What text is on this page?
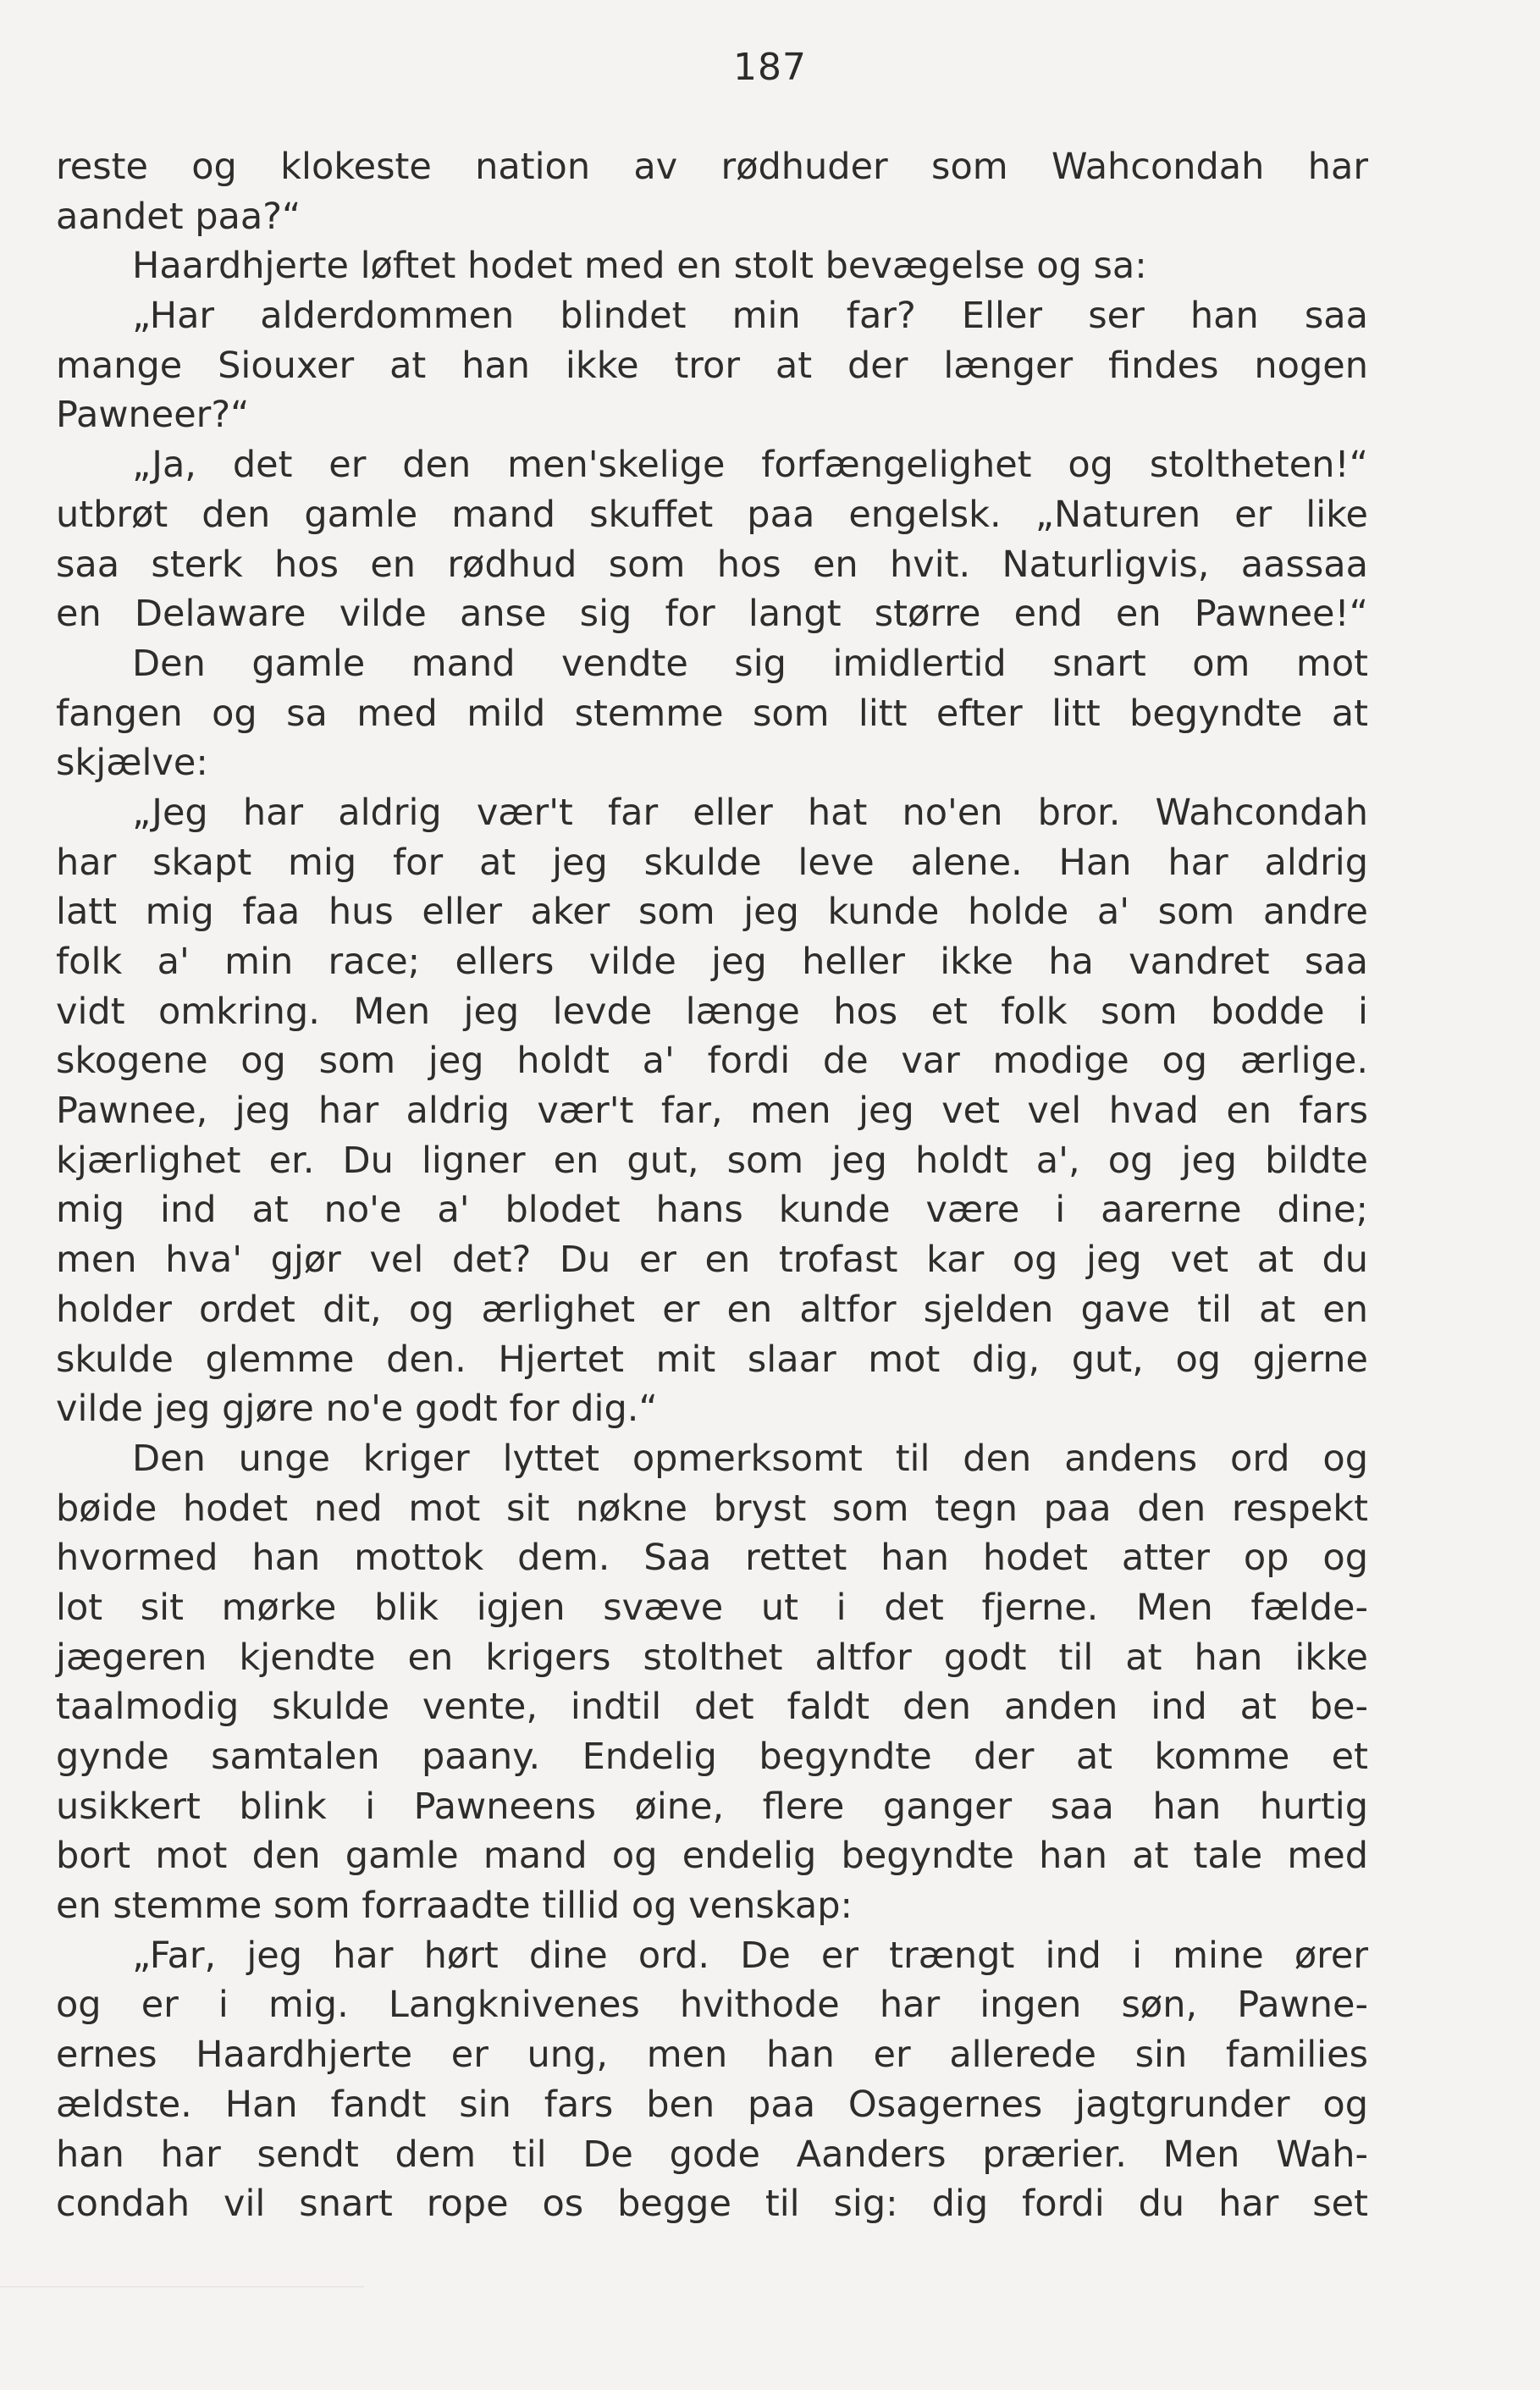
187
reste og klokeste nation av rødhuder som Wahcondah har
aandet paa?“
Haardhjerte løftet hodet med en stolt bevægelse og sa:
„Har alderdommen blindet min far? Eller ser han saa
mange Siouxer at han ikke tror at der længer findes nogen
Pawneer?“
„Ja, det er den men'skelige forfængelighet og stoltheten!“
utbrøt den gamle mand skuffet paa engelsk. „Naturen er like
saa sterk hos en rødhud som hos en hvit. Naturligvis, aassaa
en Delaware vilde anse sig for langt større end en Pawnee!“
Den gamle mand vendte sig imidlertid snart om mot
fangen og sa med mild stemme som litt efter litt begyndte at
skjælve:
„Jeg har aldrig vær't far eller hat no'en bror. Wahcondah
har skapt mig for at jeg skulde leve alene. Han har aldrig
latt mig faa hus eller aker som jeg kunde holde a' som andre
folk a' min race; ellers vilde jeg heller ikke ha vandret saa
vidt omkring. Men jeg levde længe hos et folk som bodde i
skogene og som jeg holdt a' fordi de var modige og ærlige.
Pawnee, jeg har aldrig vær't far, men jeg vet vel hvad en fars
kjærlighet er. Du ligner en gut, som jeg holdt a', og jeg bildte
mig ind at no'e a' blodet hans kunde være i aarerne dine;
men hva' gjør vel det? Du er en trofast kar og jeg vet at du
holder ordet dit, og ærlighet er en altfor sjelden gave til at en
skulde glemme den. Hjertet mit slaar mot dig, gut, og gjerne
vilde jeg gjøre no'e godt for dig.“
Den unge kriger lyttet opmerksomt til den andens ord og
bøide hodet ned mot sit nøkne bryst som tegn paa den respekt
hvormed han mottok dem. Saa rettet han hodet atter op og
lot sit mørke blik igjen svæve ut i det fjerne. Men fælde-
jægeren kjendte en krigers stolthet altfor godt til at han ikke
taalmodig skulde vente, indtil det faldt den anden ind at be-
gynde samtalen paany. Endelig begyndte der at komme et
usikkert blink i Pawneens øine, flere ganger saa han hurtig
bort mot den gamle mand og endelig begyndte han at tale med
en stemme som forraadte tillid og venskap:
„Far, jeg har hørt dine ord. De er trængt ind i mine ører
og er i mig. Langknivenes hvithode har ingen søn, Pawne-
ernes Haardhjerte er ung, men han er allerede sin families
ældste. Han fandt sin fars ben paa Osagernes jagtgrunder og
han har sendt dem til De gode Aanders prærier. Men Wah-
condah vil snart rope os begge til sig: dig fordi du har set
